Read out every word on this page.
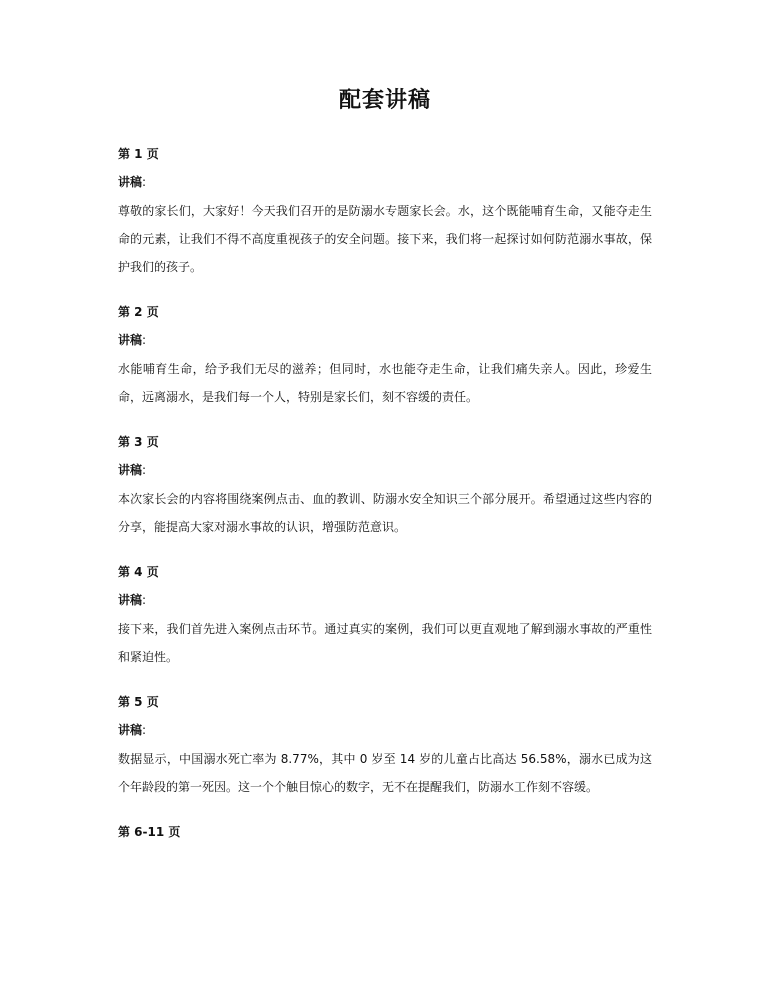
配套讲稿
第 1 页
讲稿:
尊敬的家长们，大家好！今天我们召开的是防溺水专题家长会。水，这个既能哺育生命，又能夺走生命的元素，让我们不得不高度重视孩子的安全问题。接下来，我们将一起探讨如何防范溺水事故，保护我们的孩子。
第 2 页
讲稿:
水能哺育生命，给予我们无尽的滋养；但同时，水也能夺走生命，让我们痛失亲人。因此，珍爱生命，远离溺水，是我们每一个人，特别是家长们，刻不容缓的责任。
第 3 页
讲稿:
本次家长会的内容将围绕案例点击、血的教训、防溺水安全知识三个部分展开。希望通过这些内容的分享，能提高大家对溺水事故的认识，增强防范意识。
第 4 页
讲稿:
接下来，我们首先进入案例点击环节。通过真实的案例，我们可以更直观地了解到溺水事故的严重性和紧迫性。
第 5 页
讲稿:
数据显示，中国溺水死亡率为 8.77%，其中 0 岁至 14 岁的儿童占比高达 56.58%，溺水已成为这个年龄段的第一死因。这一个个触目惊心的数字，无不在提醒我们，防溺水工作刻不容缓。
第 6-11 页
